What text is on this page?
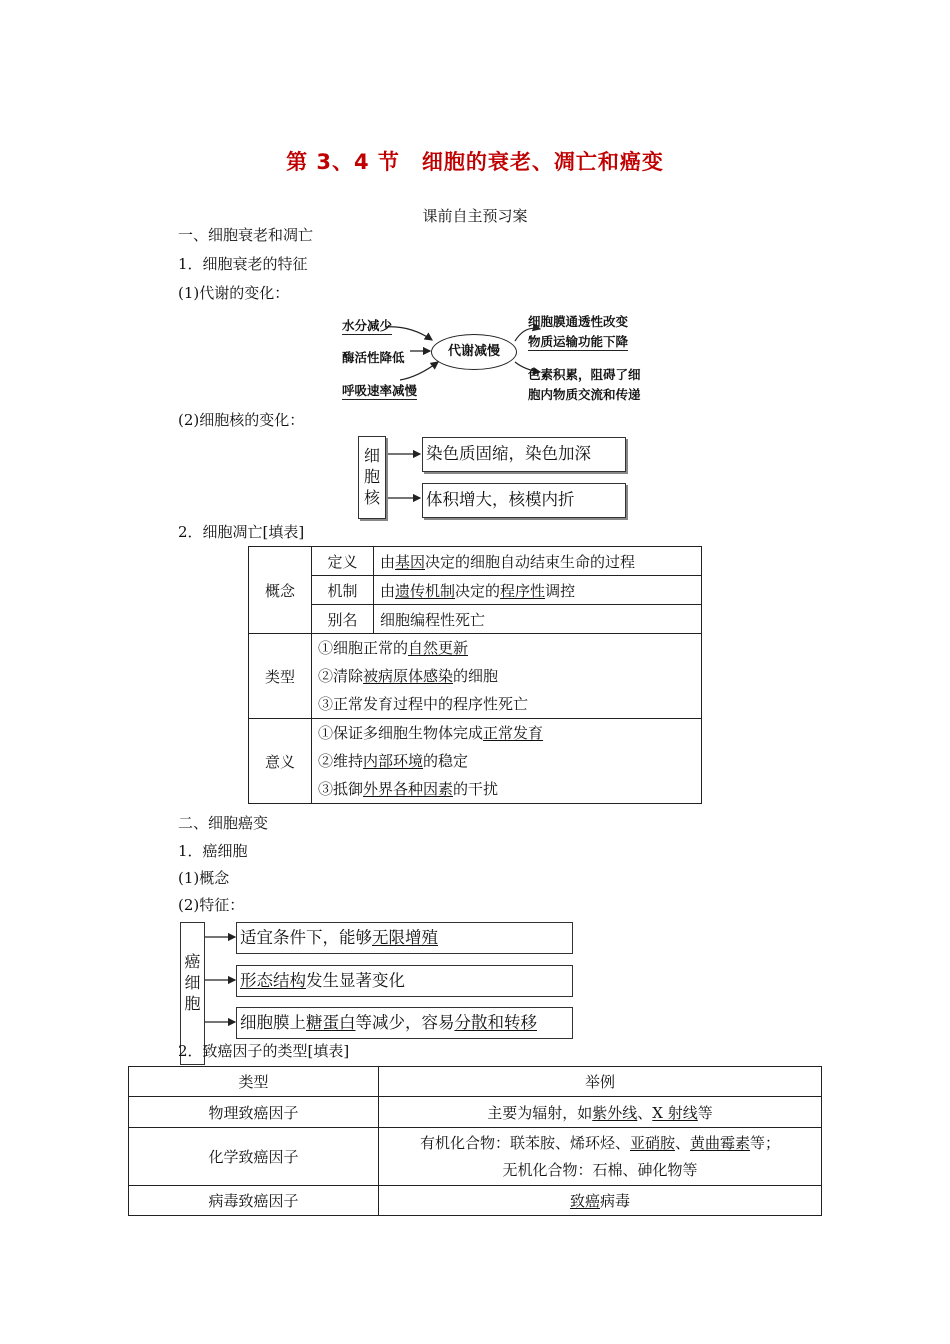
第 3、4 节　细胞的衰老、凋亡和癌变
课前自主预习案
一、细胞衰老和凋亡
1．细胞衰老的特征
(1)代谢的变化：
代谢减慢
水分减少
酶活性降低
呼吸速率减慢
细胞膜通透性改变
物质运输功能下降
色素积累，阻碍了细
胞内物质交流和传递
(2)细胞核的变化：
细
胞
核
染色质固缩，染色加深
体积增大，核模内折
2．细胞凋亡[填表]
概念	定义	由基因决定的细胞自动结束生命的过程
	机制	由遗传机制决定的程序性调控
	别名	细胞编程性死亡
类型	①细胞正常的自然更新
②清除被病原体感染的细胞
③正常发育过程中的程序性死亡	

意义	①保证多细胞生物体完成正常发育
②维持内部环境的稳定
③抵御外界各种因素的干扰	
二、细胞癌变
1．癌细胞
(1)概念
(2)特征：
癌
细
胞
适宜条件下，能够无限增殖
形态结构发生显著变化
细胞膜上糖蛋白等减少，容易分散和转移
2．致癌因子的类型[填表]
类型	举例
物理致癌因子	主要为辐射，如紫外线、X 射线等
化学致癌因子	有机化合物：联苯胺、烯环烃、亚硝胺、黄曲霉素等；
无机化合物：石棉、砷化物等

病毒致癌因子	致癌病毒
